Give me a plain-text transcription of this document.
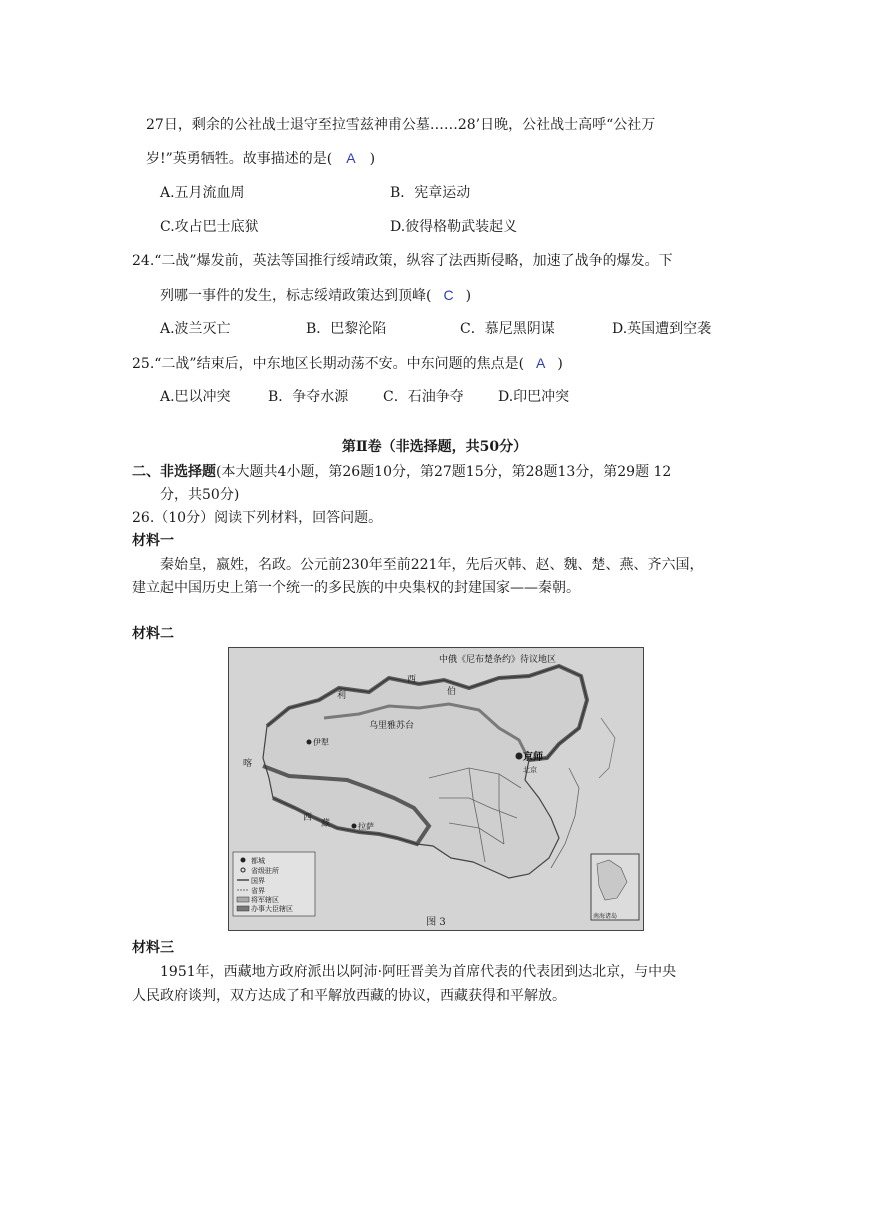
27日，剩余的公社战士退守至拉雪兹神甫公墓……28’日晚，公社战士高呼“公社万
岁!”英勇牺牲。故事描述的是( A )
A.五月流血周	B．宪章运动
C.攻占巴士底狱	D.彼得格勒武装起义
24.“二战”爆发前，英法等国推行绥靖政策，纵容了法西斯侵略，加速了战争的爆发。下
列哪一事件的发生，标志绥靖政策达到顶峰( C )
A.波兰灭亡	B．巴黎沦陷	C．慕尼黑阴谋	D.英国遭到空袭
25.“二战”结束后，中东地区长期动荡不安。中东问题的焦点是( A )
A.巴以冲突	B．争夺水源 C．石油争夺 D.印巴冲突
第Ⅱ卷（非选择题，共50分）
二、非选择题(本大题共4小题，第26题10分，第27题15分，第28题13分，第29题 12
分，共50分)
26.（10分）阅读下列材料，回答问题。
材料一
秦始皇，嬴姓，名政。公元前230年至前221年，先后灭韩、赵、魏、楚、燕、齐六国，
建立起中国历史上第一个统一的多民族的中央集权的封建国家——秦朝。
材料二
中俄《尼布楚条约》待议地区
西
伯
利
乌里雅苏台
伊犁
京师
北京
拉萨
喀
西
藏
都城
省级驻所
国界
省界
将军辖区
办事大臣辖区
南海诸岛
图 3
材料三
1951年，西藏地方政府派出以阿沛·阿旺晋美为首席代表的代表团到达北京，与中央
人民政府谈判，双方达成了和平解放西藏的协议，西藏获得和平解放。
